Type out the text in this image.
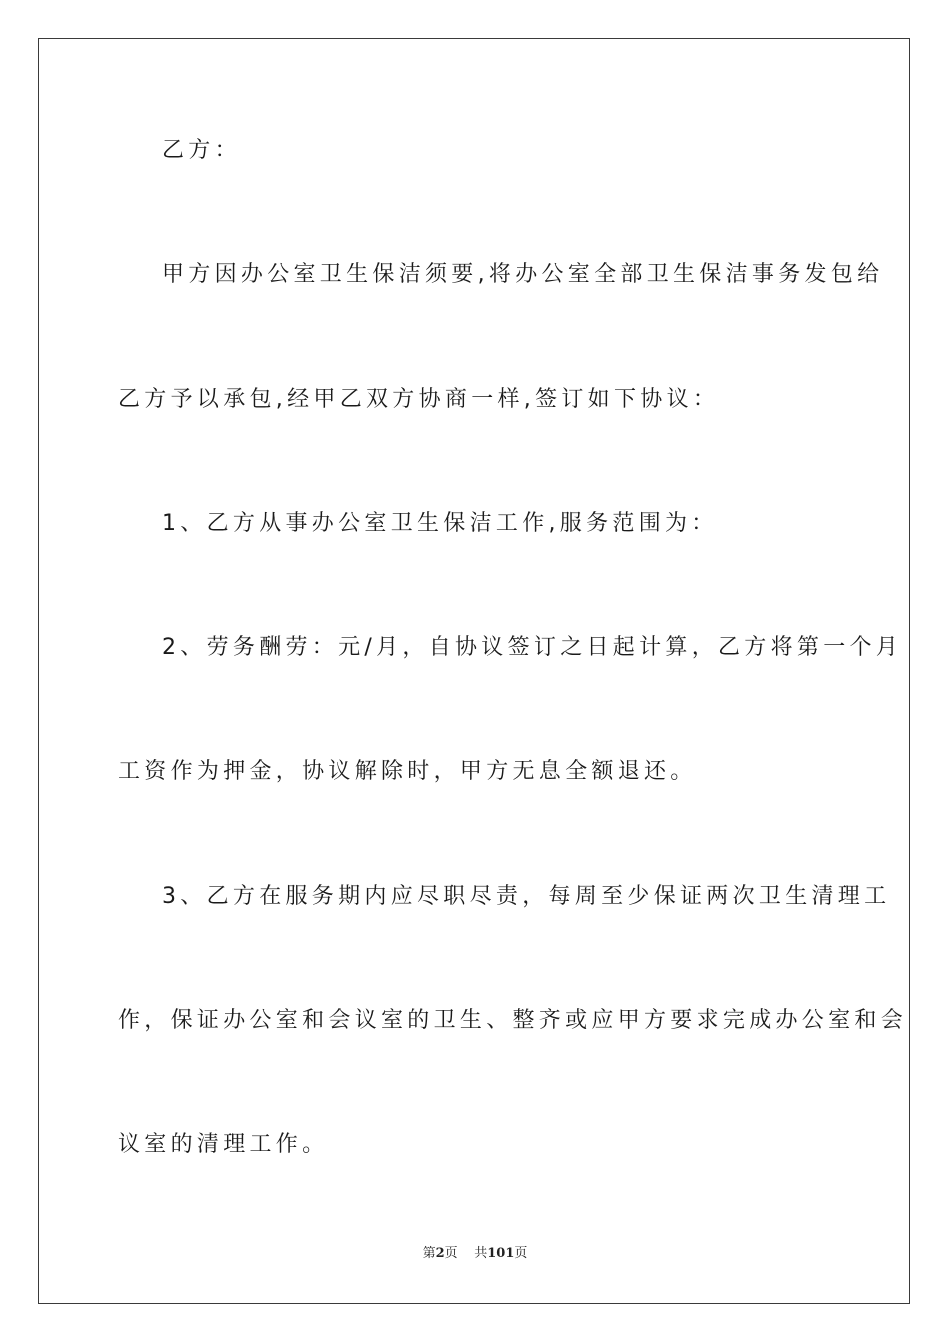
乙方：
甲方因办公室卫生保洁须要,将办公室全部卫生保洁事务发包给
乙方予以承包,经甲乙双方协商一样,签订如下协议：
1、乙方从事办公室卫生保洁工作,服务范围为：
2、劳务酬劳：元/月，自协议签订之日起计算，乙方将第一个月
工资作为押金，协议解除时，甲方无息全额退还。
3、乙方在服务期内应尽职尽责，每周至少保证两次卫生清理工
作，保证办公室和会议室的卫生、整齐或应甲方要求完成办公室和会
议室的清理工作。
第2页 共101页
